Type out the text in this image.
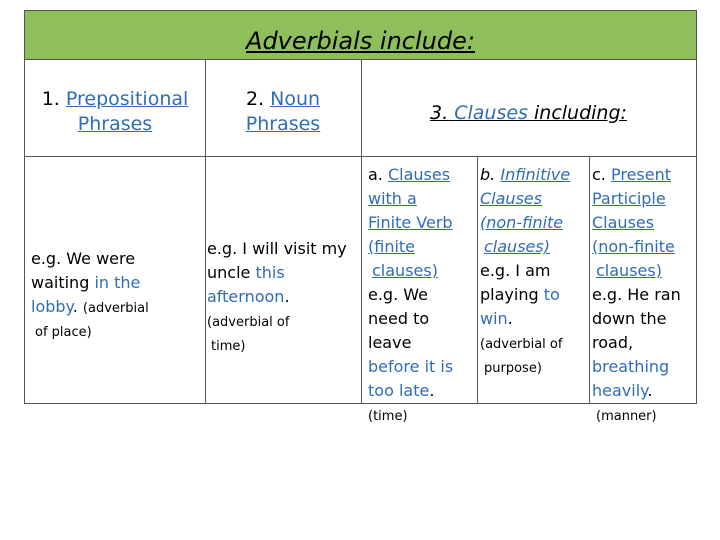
Adverbials include:
1. Prepositional
Phrases
2. Noun
Phrases	3. Clauses including:
e.g. We were
waiting in the
lobby. (adverbial
of place)
e.g. I will visit my
uncle this
afternoon.
(adverbial of
time)
a. Clauses
with a
Finite Verb
(finite
clauses)
e.g. We
need to
leave
before it is
too late.
(time)
b. Infinitive
Clauses
(non-finite
clauses)
e.g. I am
playing to
win.
(adverbial of
purpose)
c. Present
Participle
Clauses
(non-finite
clauses)
e.g. He ran
down the
road,
breathing
heavily.
(manner)
